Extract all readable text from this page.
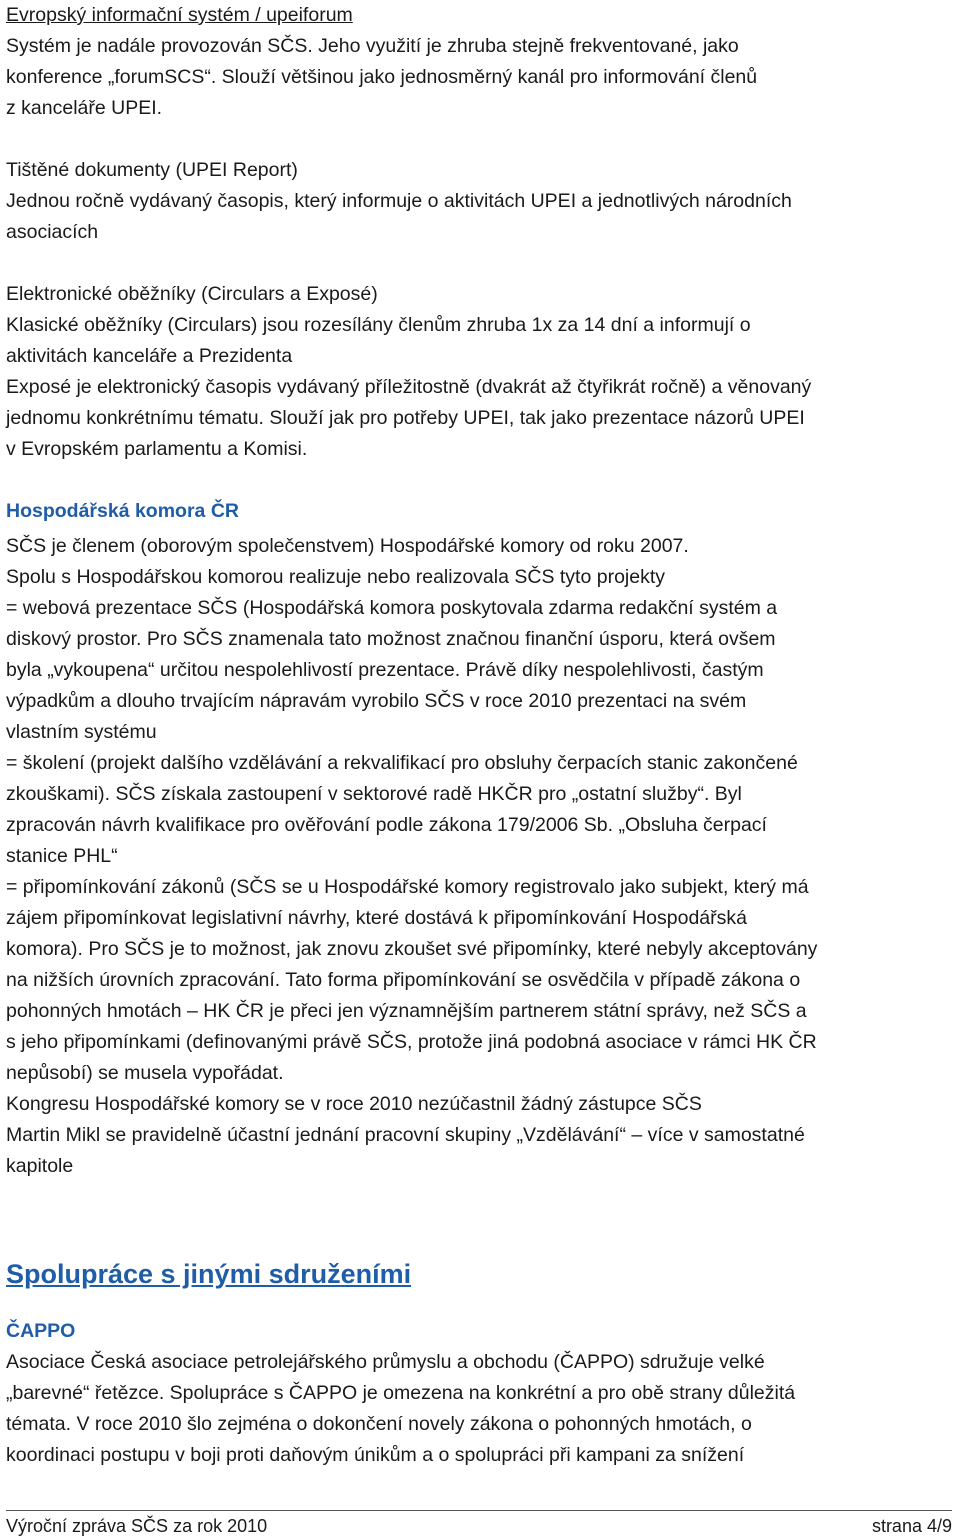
Evropský informační systém / upeiforum

Systém je nadále provozován SČS. Jeho využití je zhruba stejně frekventované, jako

konference „forumSCS“. Slouží většinou jako jednosměrný kanál pro informování členů

z kanceláře UPEI.

Tištěné dokumenty (UPEI Report)

Jednou ročně vydávaný časopis, který informuje o aktivitách UPEI a jednotlivých národních

asociacích

Elektronické oběžníky (Circulars a Exposé)

Klasické oběžníky (Circulars) jsou rozesílány členům zhruba 1x za 14 dní a informují o

aktivitách kanceláře a Prezidenta

Exposé je elektronický časopis vydávaný příležitostně (dvakrát až čtyřikrát ročně) a věnovaný

jednomu konkrétnímu tématu. Slouží jak pro potřeby UPEI, tak jako prezentace názorů UPEI

v Evropském parlamentu a Komisi.

Hospodářská komora ČR

SČS je členem (oborovým společenstvem) Hospodářské komory od roku 2007.

Spolu s Hospodářskou komorou realizuje nebo realizovala SČS tyto projekty

= webová prezentace SČS (Hospodářská komora poskytovala zdarma redakční systém a

diskový prostor. Pro SČS znamenala tato možnost značnou finanční úsporu, která ovšem

byla „vykoupena“ určitou nespolehlivostí prezentace. Právě díky nespolehlivosti, častým

výpadkům a dlouho trvajícím nápravám vyrobilo SČS v roce 2010 prezentaci na svém

vlastním systému

= školení (projekt dalšího vzdělávání a rekvalifikací pro obsluhy čerpacích stanic zakončené

zkouškami). SČS získala zastoupení v sektorové radě HKČR pro „ostatní služby“. Byl

zpracován návrh kvalifikace pro ověřování podle zákona 179/2006 Sb. „Obsluha čerpací

stanice PHL“

= připomínkování zákonů (SČS se u Hospodářské komory registrovalo jako subjekt, který má

zájem připomínkovat legislativní návrhy, které dostává k připomínkování Hospodářská

komora). Pro SČS je to možnost, jak znovu zkoušet své připomínky, které nebyly akceptovány

na nižších úrovních zpracování. Tato forma připomínkování se osvědčila v případě zákona o

pohonných hmotách – HK ČR je přeci jen významnějším partnerem státní správy, než SČS a

s jeho připomínkami (definovanými právě SČS, protože jiná podobná asociace v rámci HK ČR

nepůsobí) se musela vypořádat.

Kongresu Hospodářské komory se v roce 2010 nezúčastnil žádný zástupce SČS

Martin Mikl se pravidelně účastní jednání pracovní skupiny „Vzdělávání“ – více v samostatné

kapitole

Spolupráce s jinými sdruženími

ČAPPO

Asociace Česká asociace petrolejářského průmyslu a obchodu (ČAPPO) sdružuje velké

„barevné“ řetězce. Spolupráce s ČAPPO je omezena na konkrétní a pro obě strany důležitá

témata. V roce 2010 šlo zejména o dokončení novely zákona o pohonných hmotách, o

koordinaci postupu v boji proti daňovým únikům a o spolupráci při kampani za snížení

Výroční zpráva SČS za rok 2010	strana 4/9
